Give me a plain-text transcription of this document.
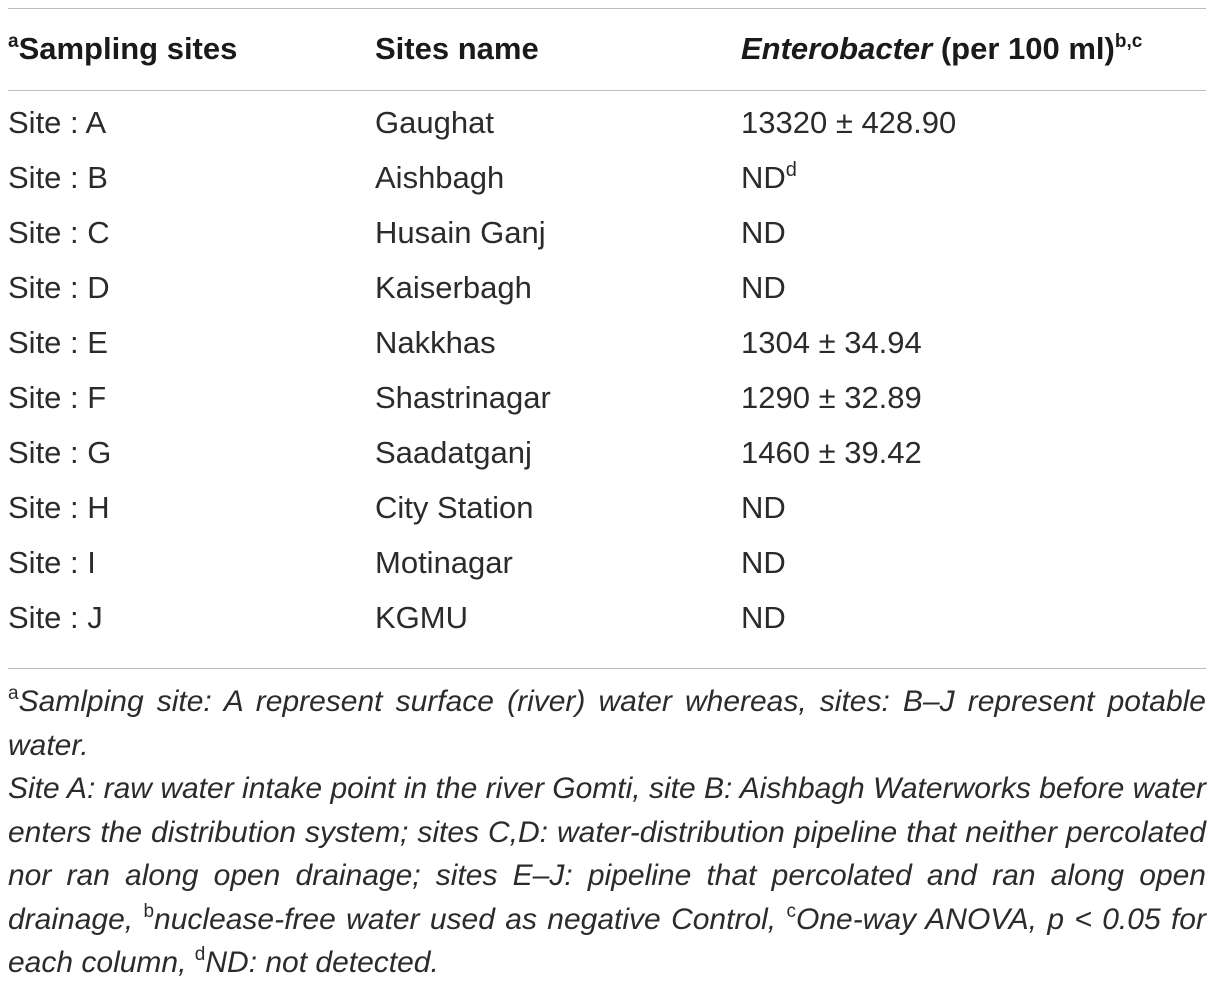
$^a$Sampling sites	Sites name	Enterobacter (per 100 ml)$^{b,c}$
Site : A	Gaughat	13320 ± 428.90
Site : B	Aishbagh	$ND^d$
Site : C	Husain Ganj	ND
Site : D	Kaiserbagh	ND
Site : E	Nakkhas	1304 ± 34.94
Site : F	Shastrinagar	1290 ± 32.89
Site : G	Saadatganj	1460 ± 39.42
Site : H	City Station	ND
Site : I	Motinagar	ND
Site : J	KGMU	ND

$^a$Samlping site: A represent surface (river) water whereas, sites: B–J represent potable water.

Site A: raw water intake point in the river Gomti, site B: Aishbagh Waterworks before water enters the distribution system; sites C,D: water-distribution pipeline that neither percolated nor ran along open drainage; sites E–J: pipeline that percolated and ran along open drainage, $^b$nuclease-free water used as negative Control, $^c$One-way ANOVA, p < 0.05 for each column, $^d$ND: not detected.
